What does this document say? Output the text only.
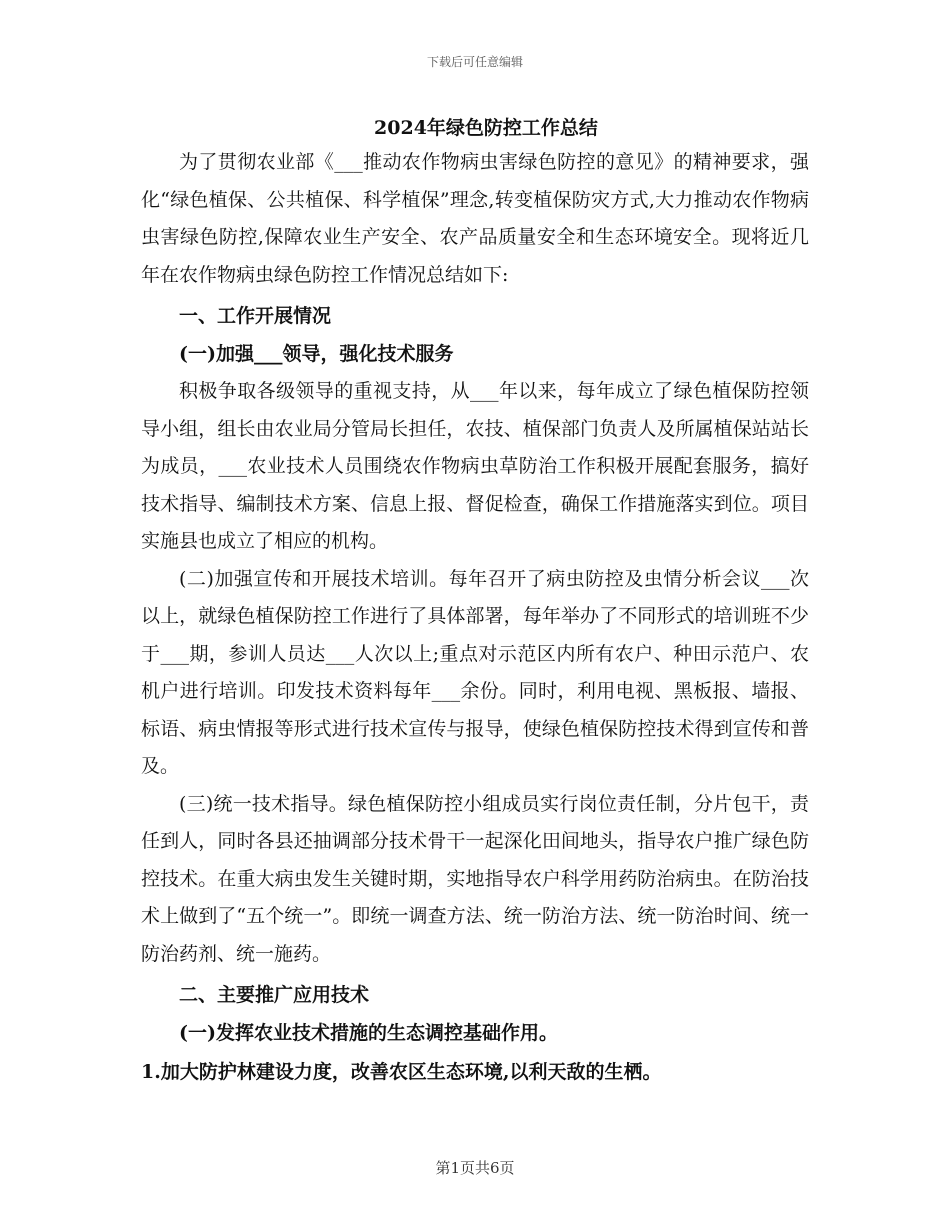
下载后可任意编辑

2024年绿色防控工作总结

为了贯彻农业部《___推动农作物病虫害绿色防控的意见》的精神要求，强化“绿色植保、公共植保、科学植保”理念,转变植保防灾方式,大力推动农作物病虫害绿色防控,保障农业生产安全、农产品质量安全和生态环境安全。现将近几年在农作物病虫绿色防控工作情况总结如下:

一、工作开展情况

(一)加强___领导，强化技术服务

积极争取各级领导的重视支持，从___年以来，每年成立了绿色植保防控领导小组，组长由农业局分管局长担任，农技、植保部门负责人及所属植保站站长为成员，___农业技术人员围绕农作物病虫草防治工作积极开展配套服务，搞好技术指导、编制技术方案、信息上报、督促检查，确保工作措施落实到位。项目实施县也成立了相应的机构。

(二)加强宣传和开展技术培训。每年召开了病虫防控及虫情分析会议___次以上，就绿色植保防控工作进行了具体部署，每年举办了不同形式的培训班不少于___期，参训人员达___人次以上;重点对示范区内所有农户、种田示范户、农机户进行培训。印发技术资料每年___余份。同时，利用电视、黑板报、墙报、标语、病虫情报等形式进行技术宣传与报导，使绿色植保防控技术得到宣传和普及。

(三)统一技术指导。绿色植保防控小组成员实行岗位责任制，分片包干，责任到人，同时各县还抽调部分技术骨干一起深化田间地头，指导农户推广绿色防控技术。在重大病虫发生关键时期，实地指导农户科学用药防治病虫。在防治技术上做到了“五个统一”。即统一调查方法、统一防治方法、统一防治时间、统一防治药剂、统一施药。

二、主要推广应用技术

(一)发挥农业技术措施的生态调控基础作用。

1.加大防护林建设力度，改善农区生态环境,以利天敌的生栖。

第1页共6页
